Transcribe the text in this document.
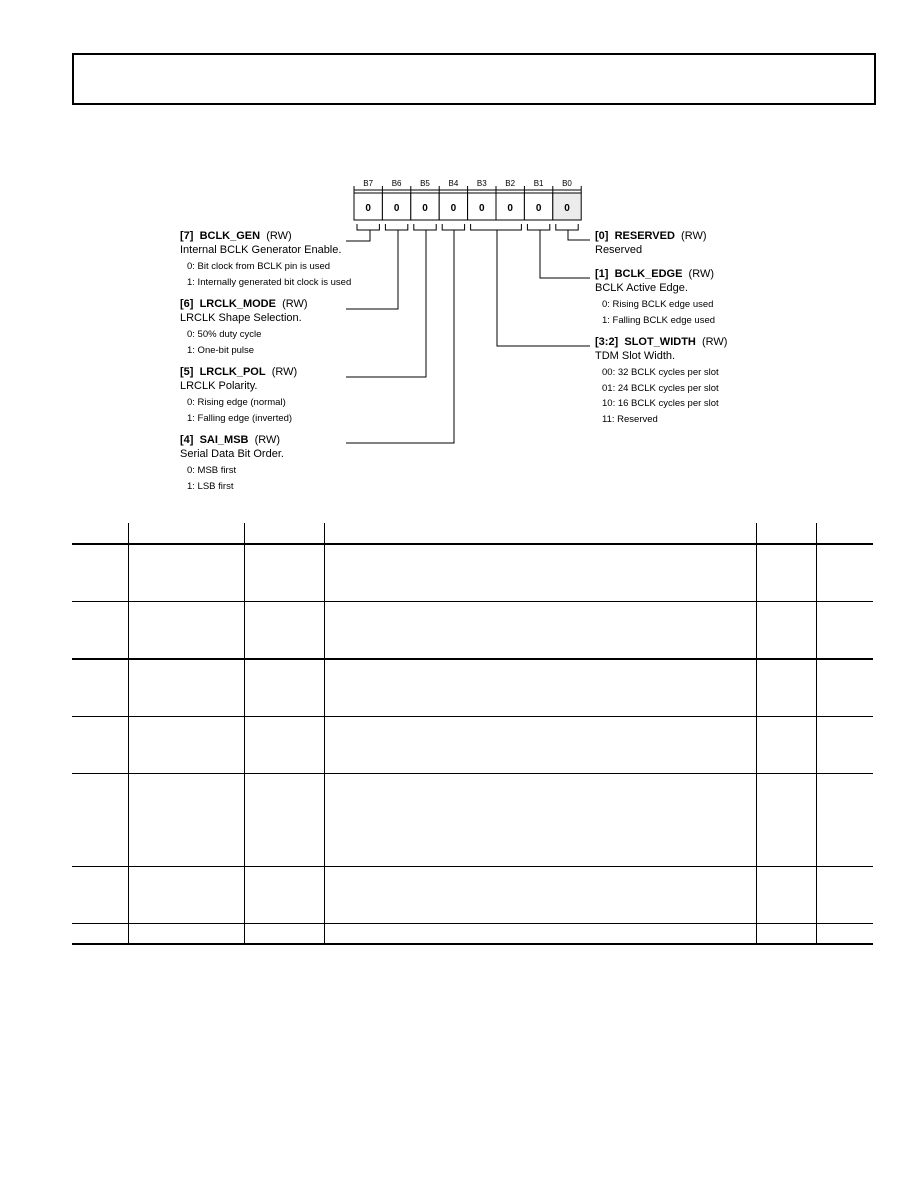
B7
0
B6
0
B5
0
B4
0
B3
0
B2
0
B1
0
B0
0
[7] BCLK_GEN (RW)
Internal BCLK Generator Enable.
0: Bit clock from BCLK pin is used
1: Internally generated bit clock is used
[6] LRCLK_MODE (RW)
LRCLK Shape Selection.
0: 50% duty cycle
1: One-bit pulse
[5] LRCLK_POL (RW)
LRCLK Polarity.
0: Rising edge (normal)
1: Falling edge (inverted)
[4] SAI_MSB (RW)
Serial Data Bit Order.
0: MSB first
1: LSB first
[0] RESERVED (RW)
Reserved
[1] BCLK_EDGE (RW)
BCLK Active Edge.
0: Rising BCLK edge used
1: Falling BCLK edge used
[3:2] SLOT_WIDTH (RW)
TDM Slot Width.
00: 32 BCLK cycles per slot
01: 24 BCLK cycles per slot
10: 16 BCLK cycles per slot
11: Reserved
